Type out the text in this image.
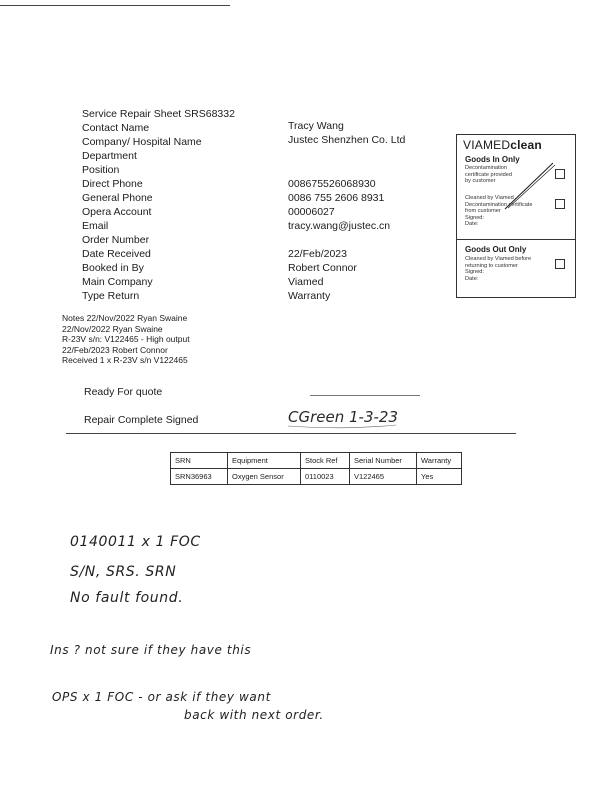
Service Repair Sheet SRS68332
Contact Name	Tracy Wang
Company/ Hospital Name	Justec Shenzhen Co. Ltd
Department
Position
Direct Phone	008675526068930
General Phone	0086 755 2606 8931
Opera Account	00006027
Email	tracy.wang@justec.cn
Order Number
Date Received	22/Feb/2023
Booked in By	Robert Connor
Main Company	Viamed
Type Return	Warranty
Notes 22/Nov/2022 Ryan Swaine
22/Nov/2022 Ryan Swaine
R-23V s/n: V122465 - High output
22/Feb/2023 Robert Connor
Received 1 x R-23V s/n V122465
Ready For quote
Repair Complete Signed	CGreen 1-3-23
VIAMEDclean
Goods In Only
Decontamination
certificate provided
by customer
Cleaned by Viamed
Decontamination certificate
from customer
Signed:
Date:
Goods Out Only
Cleaned by Viamed before
returning to customer
Signed:
Date:
SRN	Equipment	Stock Ref	Serial Number	Warranty
SRN36963	Oxygen Sensor	0110023	V122465	Yes
0140011 x 1 FOC
S/N, SRS. SRN
No fault found.
Ins ? not sure if they have this
OPS x 1 FOC - or ask if they want
back with next order.
